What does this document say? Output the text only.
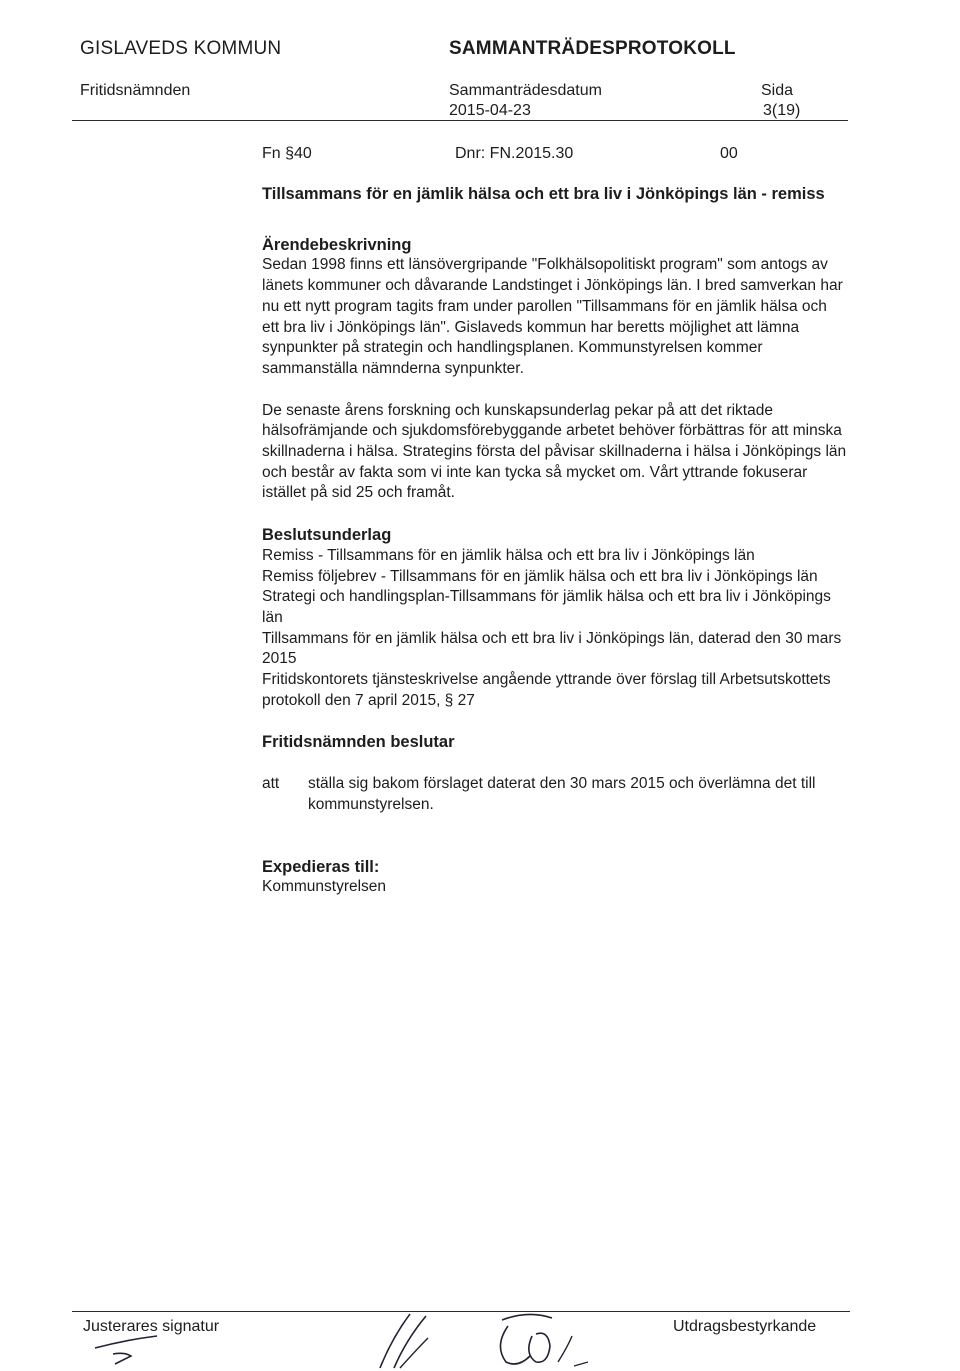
GISLAVEDS KOMMUN	SAMMANTRÄDESPROTOKOLL
Fritidsnämnden	Sammanträdesdatum
2015-04-23
Sida
3(19)
Fn §40	Dnr: FN.2015.30	00
Tillsammans för en jämlik hälsa och ett bra liv i Jönköpings län - remiss
Ärendebeskrivning

Sedan 1998 finns ett länsövergripande "Folkhälsopolitiskt program" som antogs av länets kommuner och dåvarande Landstinget i Jönköpings län. I bred samverkan har nu ett nytt program tagits fram under parollen "Tillsammans för en jämlik hälsa och ett bra liv i Jönköpings län". Gislaveds kommun har beretts möjlighet att lämna synpunkter på strategin och handlingsplanen. Kommunstyrelsen kommer sammanställa nämnderna synpunkter.

De senaste årens forskning och kunskapsunderlag pekar på att det riktade hälsofrämjande och sjukdomsförebyggande arbetet behöver förbättras för att minska skillnaderna i hälsa. Strategins första del påvisar skillnaderna i hälsa i Jönköpings län och består av fakta som vi inte kan tycka så mycket om. Vårt yttrande fokuserar istället på sid 25 och framåt.

Beslutsunderlag

Remiss - Tillsammans för en jämlik hälsa och ett bra liv i Jönköpings län

Remiss följebrev - Tillsammans för en jämlik hälsa och ett bra liv i Jönköpings län

Strategi och handlingsplan-Tillsammans för jämlik hälsa och ett bra liv i Jönköpings län

Tillsammans för en jämlik hälsa och ett bra liv i Jönköpings län, daterad den 30 mars 2015

Fritidskontorets tjänsteskrivelse angående yttrande över förslag till Arbetsutskottets protokoll den 7 april 2015, § 27

Fritidsnämnden beslutar
att	ställa sig bakom förslaget daterat den 30 mars 2015 och överlämna det till kommunstyrelsen.
Expedieras till:

Kommunstyrelsen

Justerares signatur	Utdragsbestyrkande
